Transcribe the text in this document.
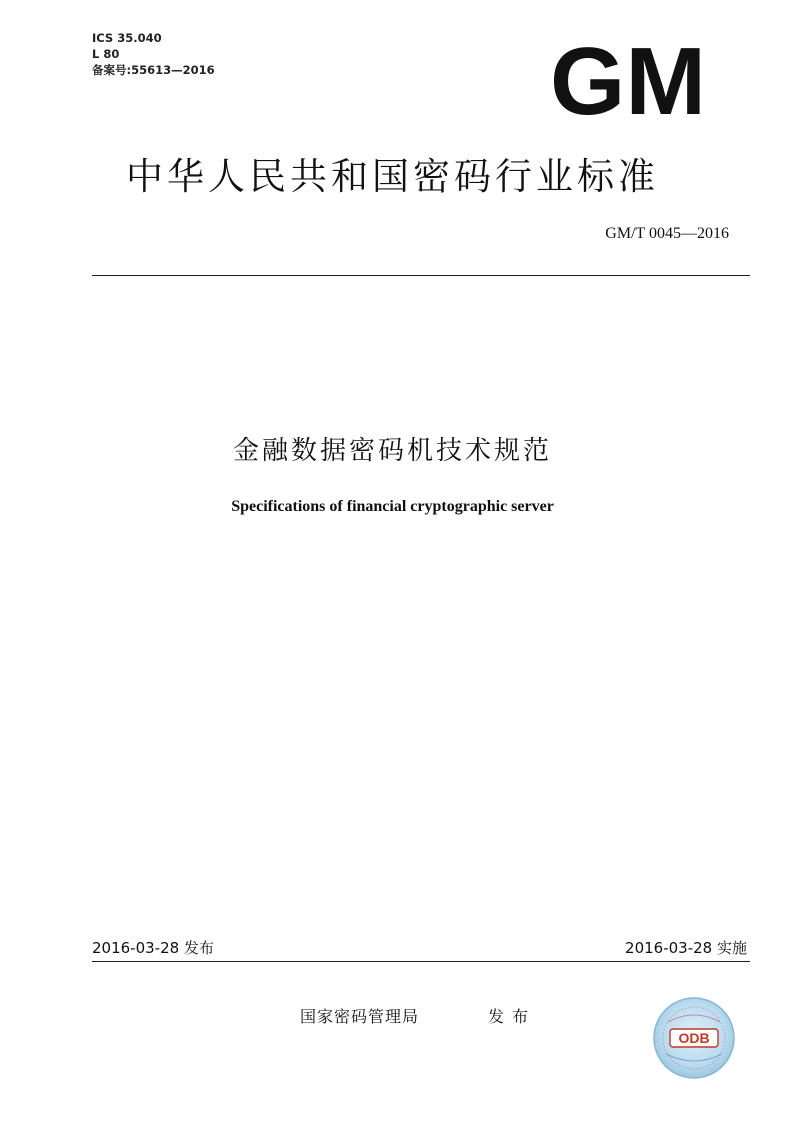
ICS 35.040
L 80
备案号:55613—2016	GM
中华人民共和国密码行业标准
GM/T 0045—2016
金融数据密码机技术规范
Specifications of financial cryptographic server
2016-03-28 发布	2016-03-28 实施
国家密码管理局	发布
ODB
